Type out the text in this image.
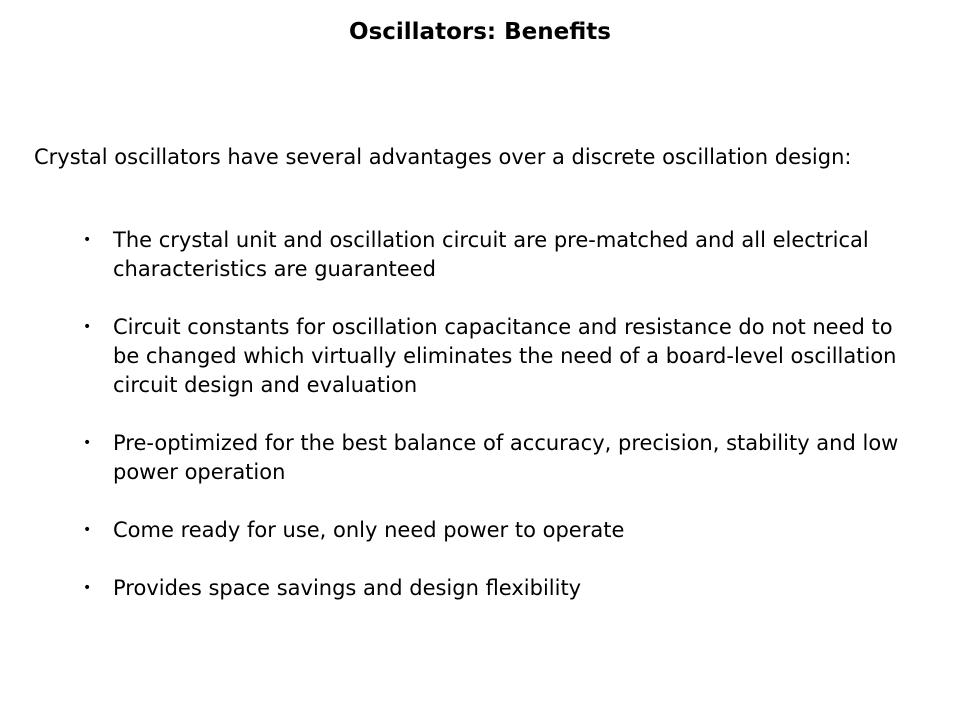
Oscillators: Benefits

Crystal oscillators have several advantages over a discrete oscillation design:

• The crystal unit and oscillation circuit are pre-matched and all electrical characteristics are guaranteed
• Circuit constants for oscillation capacitance and resistance do not need to be changed which virtually eliminates the need of a board-level oscillation circuit design and evaluation
• Pre-optimized for the best balance of accuracy, precision, stability and low power operation
• Come ready for use, only need power to operate
• Provides space savings and design flexibility
